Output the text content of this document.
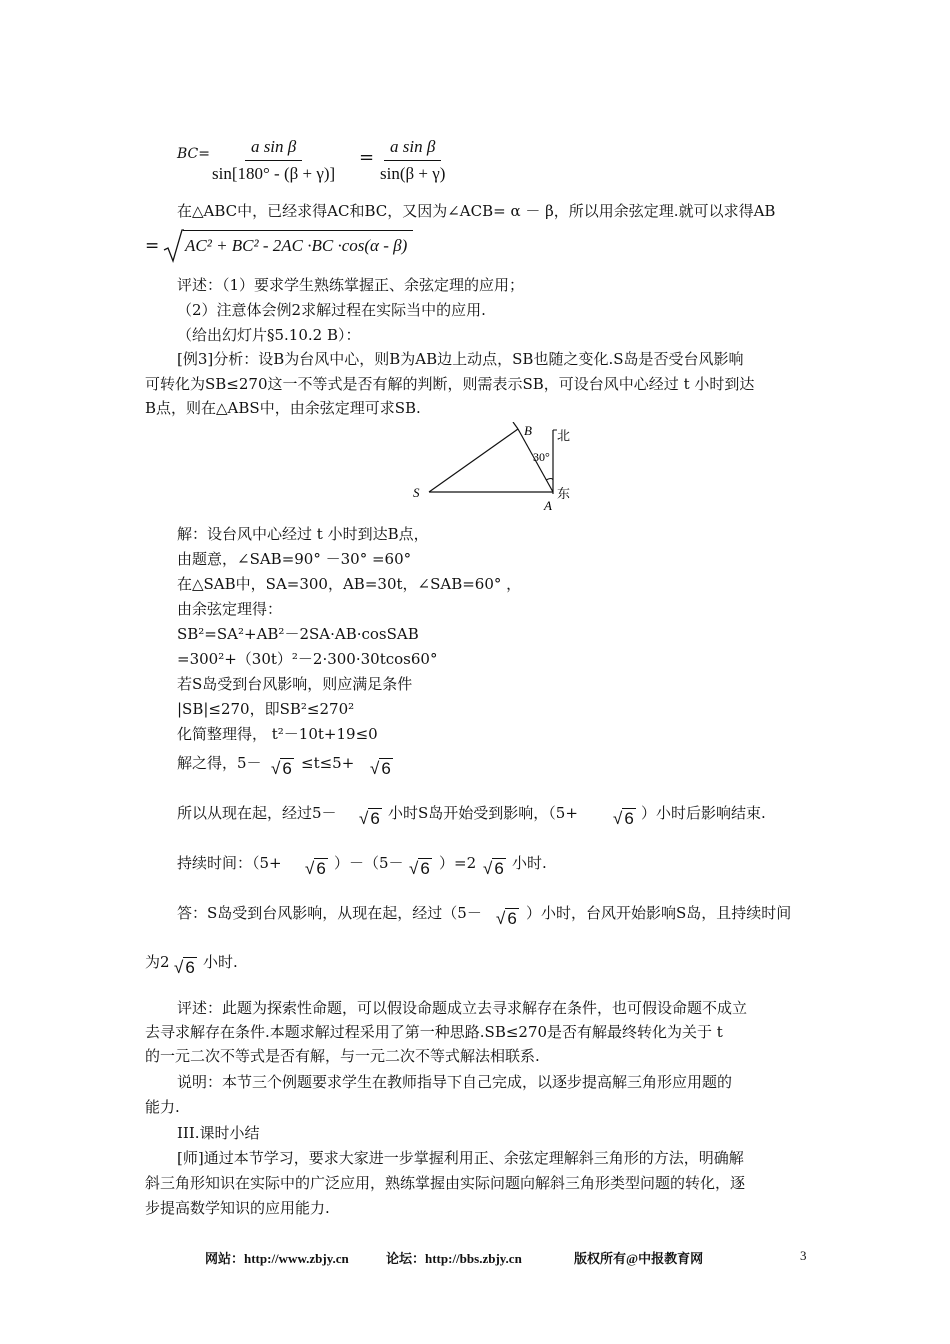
BC=
$\frac{\text{a sin β}}{\sin[180^\circ - (\beta + \gamma)]} = \frac{\text{a sin β}}{\sin(\beta + \gamma)}$
在△ABC中，已经求得AC和BC，又因为∠ACB= α － β，所以用余弦定理.就可以求得AB
= AC² + BC² - 2AC ·BC ·cos(α - β)
评述：（1）要求学生熟练掌握正、余弦定理的应用；
（2）注意体会例2求解过程在实际当中的应用.
（给出幻灯片§5.10.2 B）：
[例3]分析：设B为台风中心，则B为AB边上动点，SB也随之变化.S岛是否受台风影响
可转化为SB≤270这一不等式是否有解的判断，则需表示SB，可设台风中心经过 t 小时到达
B点，则在△ABS中，由余弦定理可求SB.
B
S
A
北
东
30°
解：设台风中心经过 t 小时到达B点，
由题意，∠SAB=90° －30° =60°
在△SAB中，SA=300，AB=30t，∠SAB=60° ，
由余弦定理得：
SB²=SA²+AB²－2SA·AB·cosSAB
=300²+（30t）²－2·300·30tcos60°
若S岛受到台风影响，则应满足条件
|SB|≤270，即SB²≤270²
化简整理得， t²－10t+19≤0
解之得，5－ √ 6 ≤t≤5+ √ 6
所以从现在起，经过5－ √ 6 小时S岛开始受到影响，（5+ √ 6 ）小时后影响结束.
持续时间：（5+ √ 6 ）－（5－ √ 6 ）=2 √ 6 小时.
答：S岛受到台风影响，从现在起，经过（5－ √ 6 ）小时，台风开始影响S岛，且持续时间
为2 √ 6 小时.
评述：此题为探索性命题，可以假设命题成立去寻求解存在条件，也可假设命题不成立
去寻求解存在条件.本题求解过程采用了第一种思路.SB≤270是否有解最终转化为关于 t
的一元二次不等式是否有解，与一元二次不等式解法相联系.
说明：本节三个例题要求学生在教师指导下自己完成，以逐步提高解三角形应用题的
能力.
III.课时小结
[师]通过本节学习，要求大家进一步掌握利用正、余弦定理解斜三角形的方法，明确解
斜三角形知识在实际中的广泛应用，熟练掌握由实际问题向解斜三角形类型问题的转化，逐
步提高数学知识的应用能力.
网站：http://www.zbjy.cn	论坛：http://bbs.zbjy.cn	版权所有@中报教育网	3
